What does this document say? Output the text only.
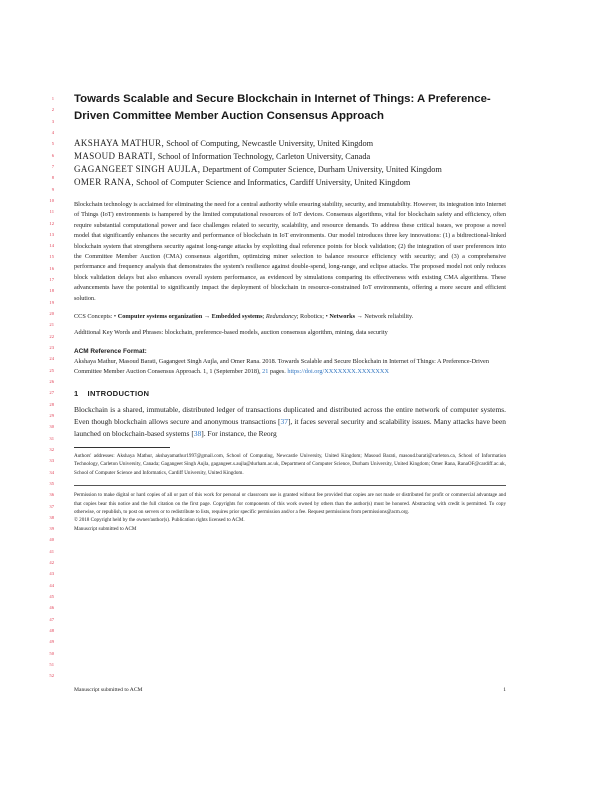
1
2
3
4
5
6
7
8
9
10
11
12
13
14
15
16
17
18
19
20
21
22
23
24
25
26
27
28
29
30
31
32
33
34
35
36
37
38
39
40
41
42
43
44
45
46
47
48
49
50
51
52
Towards Scalable and Secure Blockchain in Internet of Things: A Preference-Driven Committee Member Auction Consensus Approach

AKSHAYA MATHUR, School of Computing, Newcastle University, United Kingdom

MASOUD BARATI, School of Information Technology, Carleton University, Canada

GAGANGEET SINGH AUJLA, Department of Computer Science, Durham University, United Kingdom

OMER RANA, School of Computer Science and Informatics, Cardiff University, United Kingdom

Blockchain technology is acclaimed for eliminating the need for a central authority while ensuring stability, security, and immutability. However, its integration into Internet of Things (IoT) environments is hampered by the limited computational resources of IoT devices. Consensus algorithms, vital for blockchain safety and efficiency, often require substantial computational power and face challenges related to security, scalability, and resource demands. To address these critical issues, we propose a novel model that significantly enhances the security and performance of blockchain in IoT environments. Our model introduces three key innovations: (1) a bidirectional-linked blockchain system that strengthens security against long-range attacks by exploiting dual reference points for block validation; (2) the integration of user preferences into the Committee Member Auction (CMA) consensus algorithm, optimizing miner selection to balance resource efficiency with security; and (3) a comprehensive performance and frequency analysis that demonstrates the system's resilience against double-spend, long-range, and eclipse attacks. The proposed model not only reduces block validation delays but also enhances overall system performance, as evidenced by simulations comparing its effectiveness with existing CMA algorithms. These advancements have the potential to significantly impact the deployment of blockchain in resource-constrained IoT environments, offering a more secure and efficient solution.

CCS Concepts: • Computer systems organization → Embedded systems; Redundancy; Robotics; • Networks → Network reliability.

Additional Key Words and Phrases: blockchain, preference-based models, auction consensus algorithm, mining, data security

ACM Reference Format:

Akshaya Mathur, Masoud Barati, Gagangeet Singh Aujla, and Omer Rana. 2018. Towards Scalable and Secure Blockchain in Internet of Things: A Preference-Driven Committee Member Auction Consensus Approach. 1, 1 (September 2018), 21 pages. https://doi.org/XXXXXXX.XXXXXXX

1 INTRODUCTION

Blockchain is a shared, immutable, distributed ledger of transactions duplicated and distributed across the entire network of computer systems. Even though blockchain allows secure and anonymous transactions [37], it faces several security and scalability issues. Many attacks have been launched on blockchain-based systems [38]. For instance, the Reorg

Authors' addresses: Akshaya Mathur, akshayamathur1997@gmail.com, School of Computing, Newcastle University, United Kingdom; Masoud Barati, masoud.barati@carleton.ca, School of Information Technology, Carleton University, Canada; Gagangeet Singh Aujla, gagangeet.s.aujla@durham.ac.uk, Department of Computer Science, Durham University, United Kingdom; Omer Rana, RanaOF@cardiff.ac.uk, School of Computer Science and Informatics, Cardiff University, United Kingdom.

Permission to make digital or hard copies of all or part of this work for personal or classroom use is granted without fee provided that copies are not made or distributed for profit or commercial advantage and that copies bear this notice and the full citation on the first page. Copyrights for components of this work owned by others than the author(s) must be honored. Abstracting with credit is permitted. To copy otherwise, or republish, to post on servers or to redistribute to lists, requires prior specific permission and/or a fee. Request permissions from permissions@acm.org.

© 2018 Copyright held by the owner/author(s). Publication rights licensed to ACM.

Manuscript submitted to ACM

Manuscript submitted to ACM	1
